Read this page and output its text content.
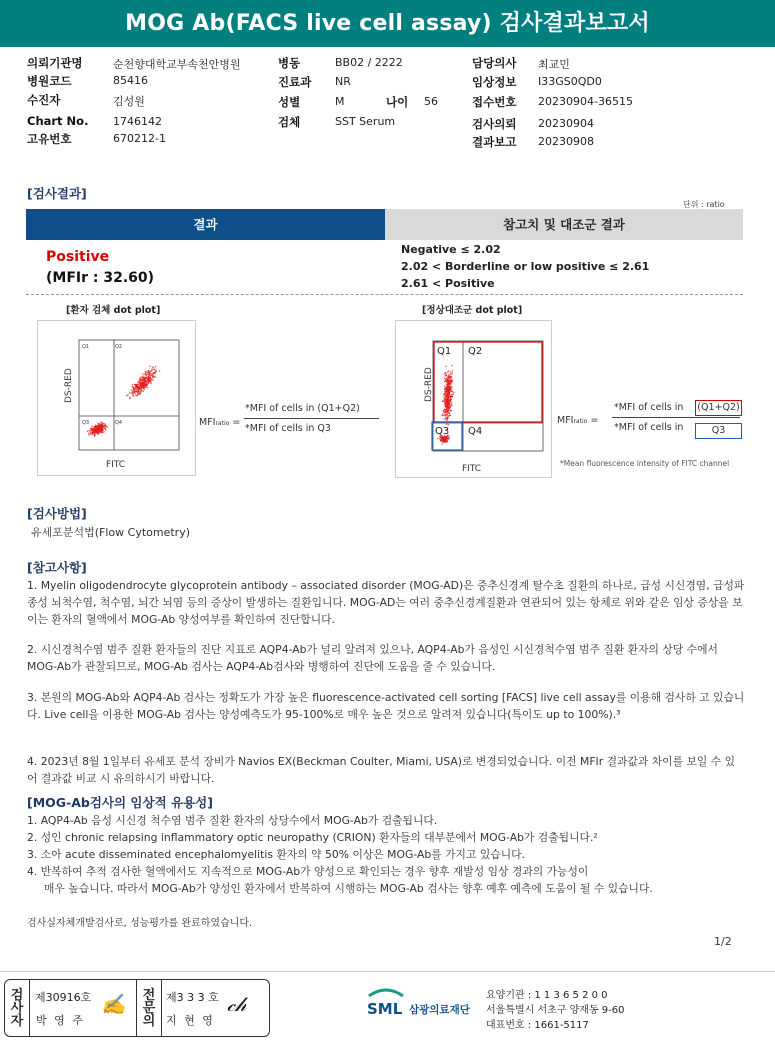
MOG Ab(FACS live cell assay) 검사결과보고서
의뢰기관명	순천향대학교부속천안병원
병원코드	85416
수진자	김성원
Chart No. 1746142
고유번호	670212-1
병동	BB02 / 2222
진료과 NR
성별	M	나이 56
검체	SST Serum
담당의사 최교민
임상정보 I33GS0QD0
접수번호 20230904-36515
검사의뢰 20230904
결과보고 20230908
[검사결과]
단위 : ratio
결과	참고치 및 대조군 결과
Positive
(MFIr : 32.60)
Negative ≤ 2.02
2.02 < Borderline or low positive ≤ 2.61
2.61 < Positive
[환자 검체 dot plot]
DS-RED
FITC
Q2
Q1
Q4
Q3	MFIratio =
*MFI of cells in (Q1+Q2)
*MFI of cells in Q3
[정상대조군 dot plot]
DS-RED
FITC
Q1 Q2
Q3 Q4
MFIratio =
*MFI of cells in (Q1+Q2)
*MFI of cells in	Q3
*Mean fluorescence intensity of FITC channel
[검사방법]
유세포분석법(Flow Cytometry)
[참고사항]
1. Myelin oligodendrocyte glycoprotein antibody – associated disorder (MOG-AD)은 중추신경계 탈수초 질환의 하나로, 급성 시신경염, 급성파종성 뇌척수염, 척수염, 뇌간 뇌염 등의 증상이 발생하는 질환입니다. MOG-AD는 여러 중추신경계질환과 연관되어 있는 항체로 위와 같은 임상 증상을 보이는 환자의 혈액에서 MOG-Ab 양성여부를 확인하여 진단합니다.
2. 시신경척수염 범주 질환 환자들의 진단 지표로 AQP4-Ab가 널리 알려져 있으나, AQP4-Ab가 음성인 시신경척수염 범주 질환 환자의 상당 수에서 MOG-Ab가 관찰되므로, MOG-Ab 검사는 AQP4-Ab검사와 병행하여 진단에 도움을 줄 수 있습니다.
3. 본원의 MOG-Ab와 AQP4-Ab 검사는 정확도가 가장 높은 fluorescence-activated cell sorting [FACS] live cell assay를 이용해 검사하 고 있습니다. Live cell을 이용한 MOG-Ab 검사는 양성예측도가 95-100%로 매우 높은 것으로 알려져 있습니다(특이도 up to 100%).³
4. 2023년 8월 1일부터 유세포 분석 장비가 Navios EX(Beckman Coulter, Miami, USA)로 변경되었습니다. 이전 MFIr 결과값과 차이를 보일 수 있어 결과값 비교 시 유의하시기 바랍니다.
[MOG-Ab검사의 임상적 유용성]
1. AQP4-Ab 음성 시신경 척수염 범주 질환 환자의 상당수에서 MOG-Ab가 검출됩니다.
2. 성인 chronic relapsing inflammatory optic neuropathy (CRION) 환자들의 대부분에서 MOG-Ab가 검출됩니다.²
3. 소아 acute disseminated encephalomyelitis 환자의 약 50% 이상은 MOG-Ab를 가지고 있습니다.
4. 반복하여 추적 검사한 혈액에서도 지속적으로 MOG-Ab가 양성으로 확인되는 경우 향후 재발성 임상 경과의 가능성이
매우 높습니다. 따라서 MOG-Ab가 양성인 환자에서 반복하여 시행하는 MOG-Ab 검사는 향후 예후 예측에 도움이 될 수 있습니다.
검사실자체개발검사로, 성능평가를 완료하였습니다.
1/2
검
사
자
제30916호
박 영 주
✍	전
문
의
제3 3 3 호
지 현 영
𝒸𝒽	SML 삼광의료재단
요양기관 : 1 1 3 6 5 2 0 0
서울특별시 서초구 양재동 9-60
대표번호 : 1661-5117
